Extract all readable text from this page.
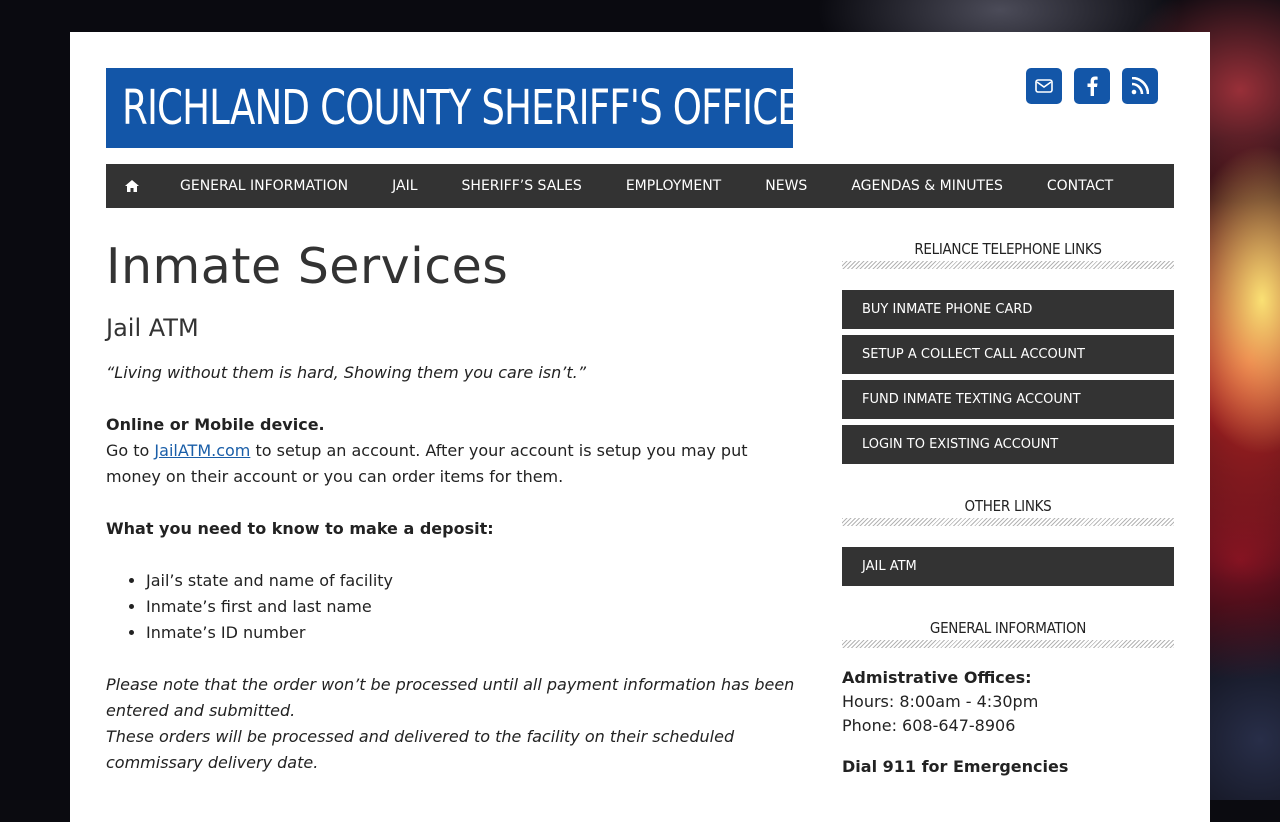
RICHLAND COUNTY SHERIFF'S OFFICE
GENERAL INFORMATION	JAIL	SHERIFF’S SALES	EMPLOYMENT	NEWS	AGENDAS & MINUTES	CONTACT
Inmate Services
Jail ATM
“Living without them is hard, Showing them you care isn’t.”
Online or Mobile device.
Go to JailATM.com to setup an account. After your account is setup you may put money on their account or you can order items for them.
What you need to know to make a deposit:
• Jail’s state and name of facility
• Inmate’s first and last name
• Inmate’s ID number
Please note that the order won’t be processed until all payment information has been entered and submitted.
These orders will be processed and delivered to the facility on their scheduled commissary delivery date.
RELIANCE TELEPHONE LINKS
BUY INMATE PHONE CARD
SETUP A COLLECT CALL ACCOUNT
FUND INMATE TEXTING ACCOUNT
LOGIN TO EXISTING ACCOUNT
OTHER LINKS
JAIL ATM
GENERAL INFORMATION
Admistrative Offices:
Hours: 8:00am - 4:30pm
Phone: 608-647-8906
Dial 911 for Emergencies
